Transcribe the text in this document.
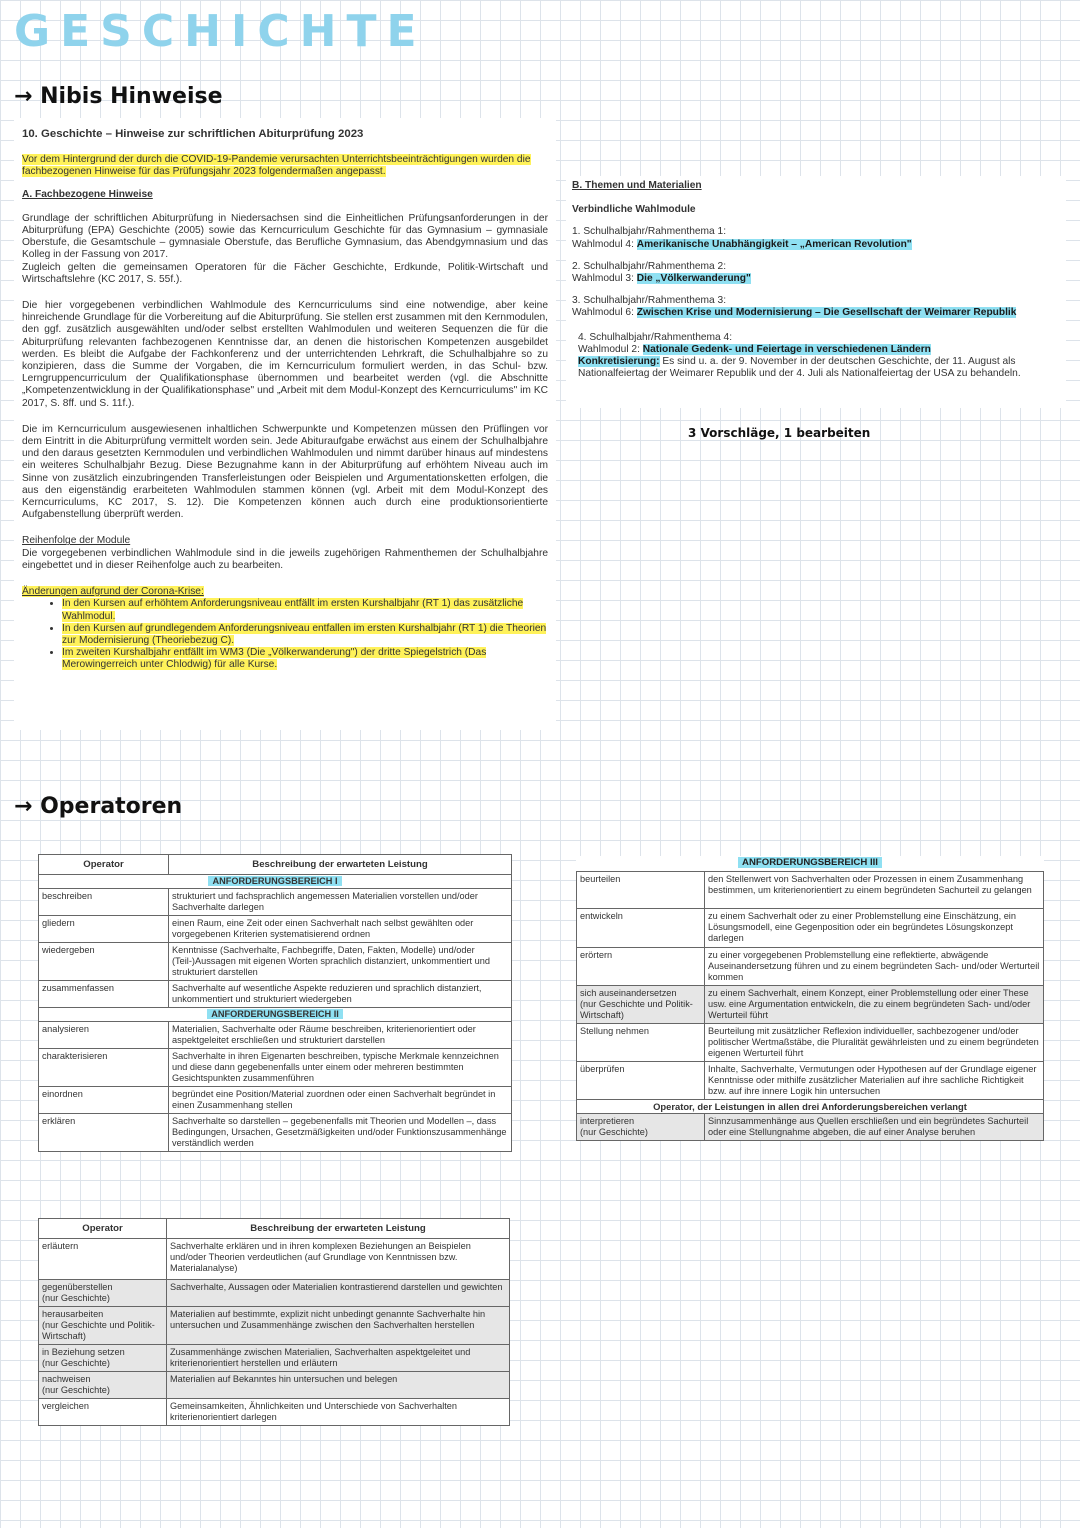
GESCHICHTE
→ Nibis Hinweise

10. Geschichte – Hinweise zur schriftlichen Abiturprüfung 2023

Vor dem Hintergrund der durch die COVID-19-Pandemie verursachten Unterrichtsbeeinträchtigungen wurden die fachbezogenen Hinweise für das Prüfungsjahr 2023 folgendermaßen angepasst.

A. Fachbezogene Hinweise

Grundlage der schriftlichen Abiturprüfung in Niedersachsen sind die Einheitlichen Prüfungsanforderungen in der Abiturprüfung (EPA) Geschichte (2005) sowie das Kerncurriculum Geschichte für das Gymnasium – gymnasiale Oberstufe, die Gesamtschule – gymnasiale Oberstufe, das Berufliche Gymnasium, das Abendgymnasium und das Kolleg in der Fassung von 2017.

Zugleich gelten die gemeinsamen Operatoren für die Fächer Geschichte, Erdkunde, Politik-Wirtschaft und Wirtschaftslehre (KC 2017, S. 55f.).

Die hier vorgegebenen verbindlichen Wahlmodule des Kerncurriculums sind eine notwendige, aber keine hinreichende Grundlage für die Vorbereitung auf die Abiturprüfung. Sie stellen erst zusammen mit den Kernmodulen, den ggf. zusätzlich ausgewählten und/oder selbst erstellten Wahlmodulen und weiteren Sequenzen die für die Abiturprüfung relevanten fachbezogenen Kenntnisse dar, an denen die historischen Kompetenzen ausgebildet werden. Es bleibt die Aufgabe der Fachkonferenz und der unterrichtenden Lehrkraft, die Schulhalbjahre so zu konzipieren, dass die Summe der Vorgaben, die im Kerncurriculum formuliert werden, in das Schul- bzw. Lerngruppencurriculum der Qualifikationsphase übernommen und bearbeitet werden (vgl. die Abschnitte „Kompetenzentwicklung in der Qualifikationsphase" und „Arbeit mit dem Modul-Konzept des Kerncurriculums" im KC 2017, S. 8ff. und S. 11f.).

Die im Kerncurriculum ausgewiesenen inhaltlichen Schwerpunkte und Kompetenzen müssen den Prüflingen vor dem Eintritt in die Abiturprüfung vermittelt worden sein. Jede Abituraufgabe erwächst aus einem der Schulhalbjahre und den daraus gesetzten Kernmodulen und verbindlichen Wahlmodulen und nimmt darüber hinaus auf mindestens ein weiteres Schulhalbjahr Bezug. Diese Bezugnahme kann in der Abiturprüfung auf erhöhtem Niveau auch im Sinne von zusätzlich einzubringenden Transferleistungen oder Beispielen und Argumentationsketten erfolgen, die aus den eigenständig erarbeiteten Wahlmodulen stammen können (vgl. Arbeit mit dem Modul-Konzept des Kerncurriculums, KC 2017, S. 12). Die Kompetenzen können auch durch eine produktionsorientierte Aufgabenstellung überprüft werden.

Reihenfolge der Module

Die vorgegebenen verbindlichen Wahlmodule sind in die jeweils zugehörigen Rahmenthemen der Schulhalbjahre eingebettet und in dieser Reihenfolge auch zu bearbeiten.

Änderungen aufgrund der Corona-Krise:

• In den Kursen auf erhöhtem Anforderungsniveau entfällt im ersten Kurshalbjahr (RT 1) das zusätzliche Wahlmodul.
• In den Kursen auf grundlegendem Anforderungsniveau entfallen im ersten Kurshalbjahr (RT 1) die Theorien zur Modernisierung (Theoriebezug C).
• Im zweiten Kurshalbjahr entfällt im WM3 (Die „Völkerwanderung") der dritte Spiegelstrich (Das Merowingerreich unter Chlodwig) für alle Kurse.

B. Themen und Materialien

Verbindliche Wahlmodule

1. Schulhalbjahr/Rahmenthema 1:

Wahlmodul 4: Amerikanische Unabhängigkeit – „American Revolution"

2. Schulhalbjahr/Rahmenthema 2:

Wahlmodul 3: Die „Völkerwanderung"

3. Schulhalbjahr/Rahmenthema 3:

Wahlmodul 6: Zwischen Krise und Modernisierung – Die Gesellschaft der Weimarer Republik

4. Schulhalbjahr/Rahmenthema 4:

Wahlmodul 2: Nationale Gedenk- und Feiertage in verschiedenen Ländern

Konkretisierung: Es sind u. a. der 9. November in der deutschen Geschichte, der 11. August als Nationalfeiertag der Weimarer Republik und der 4. Juli als Nationalfeiertag der USA zu behandeln.

3 Vorschläge, 1 bearbeiten
→ Operatoren
Operator	Beschreibung der erwarteten Leistung
ANFORDERUNGSBEREICH I	
beschreiben	strukturiert und fachsprachlich angemessen Materialien vorstellen und/oder Sachverhalte darlegen
gliedern	einen Raum, eine Zeit oder einen Sachverhalt nach selbst gewählten oder vorgegebenen Kriterien systematisierend ordnen
wiedergeben	Kenntnisse (Sachverhalte, Fachbegriffe, Daten, Fakten, Modelle) und/oder (Teil-)Aussagen mit eigenen Worten sprachlich distanziert, unkommentiert und strukturiert darstellen
zusammenfassen	Sachverhalte auf wesentliche Aspekte reduzieren und sprachlich distanziert, unkommentiert und strukturiert wiedergeben
ANFORDERUNGSBEREICH II	
analysieren	Materialien, Sachverhalte oder Räume beschreiben, kriterienorientiert oder aspektgeleitet erschließen und strukturiert darstellen
charakterisieren	Sachverhalte in ihren Eigenarten beschreiben, typische Merkmale kennzeichnen und diese dann gegebenenfalls unter einem oder mehreren bestimmten Gesichtspunkten zusammenführen
einordnen	begründet eine Position/Material zuordnen oder einen Sachverhalt begründet in einen Zusammenhang stellen
erklären	Sachverhalte so darstellen – gegebenenfalls mit Theorien und Modellen –, dass Bedingungen, Ursachen, Gesetzmäßigkeiten und/oder Funktionszusammenhänge verständlich werden
Operator	Beschreibung der erwarteten Leistung
erläutern	Sachverhalte erklären und in ihren komplexen Beziehungen an Beispielen und/oder Theorien verdeutlichen (auf Grundlage von Kenntnissen bzw. Materialanalyse)
gegenüberstellen
(nur Geschichte)	Sachverhalte, Aussagen oder Materialien kontrastierend darstellen und gewichten
herausarbeiten
(nur Geschichte und Politik-Wirtschaft)	Materialien auf bestimmte, explizit nicht unbedingt genannte Sachverhalte hin untersuchen und Zusammenhänge zwischen den Sachverhalten herstellen
in Beziehung setzen
(nur Geschichte)	Zusammenhänge zwischen Materialien, Sachverhalten aspektgeleitet und kriterienorientiert herstellen und erläutern
nachweisen
(nur Geschichte)	Materialien auf Bekanntes hin untersuchen und belegen
vergleichen	Gemeinsamkeiten, Ähnlichkeiten und Unterschiede von Sachverhalten kriterienorientiert darlegen
ANFORDERUNGSBEREICH III
beurteilen	den Stellenwert von Sachverhalten oder Prozessen in einem Zusammenhang bestimmen, um kriterienorientiert zu einem begründeten Sachurteil zu gelangen
entwickeln	zu einem Sachverhalt oder zu einer Problemstellung eine Einschätzung, ein Lösungsmodell, eine Gegenposition oder ein begründetes Lösungskonzept darlegen
erörtern	zu einer vorgegebenen Problemstellung eine reflektierte, abwägende Auseinandersetzung führen und zu einem begründeten Sach- und/oder Werturteil kommen
sich auseinandersetzen
(nur Geschichte und Politik-Wirtschaft)	zu einem Sachverhalt, einem Konzept, einer Problemstellung oder einer These usw. eine Argumentation entwickeln, die zu einem begründeten Sach- und/oder Werturteil führt
Stellung nehmen	Beurteilung mit zusätzlicher Reflexion individueller, sachbezogener und/oder politischer Wertmaßstäbe, die Pluralität gewährleisten und zu einem begründeten eigenen Werturteil führt
überprüfen	Inhalte, Sachverhalte, Vermutungen oder Hypothesen auf der Grundlage eigener Kenntnisse oder mithilfe zusätzlicher Materialien auf ihre sachliche Richtigkeit bzw. auf ihre innere Logik hin untersuchen
Operator, der Leistungen in allen drei Anforderungsbereichen verlangt	
interpretieren
(nur Geschichte)	Sinnzusammenhänge aus Quellen erschließen und ein begründetes Sachurteil oder eine Stellungnahme abgeben, die auf einer Analyse beruhen
